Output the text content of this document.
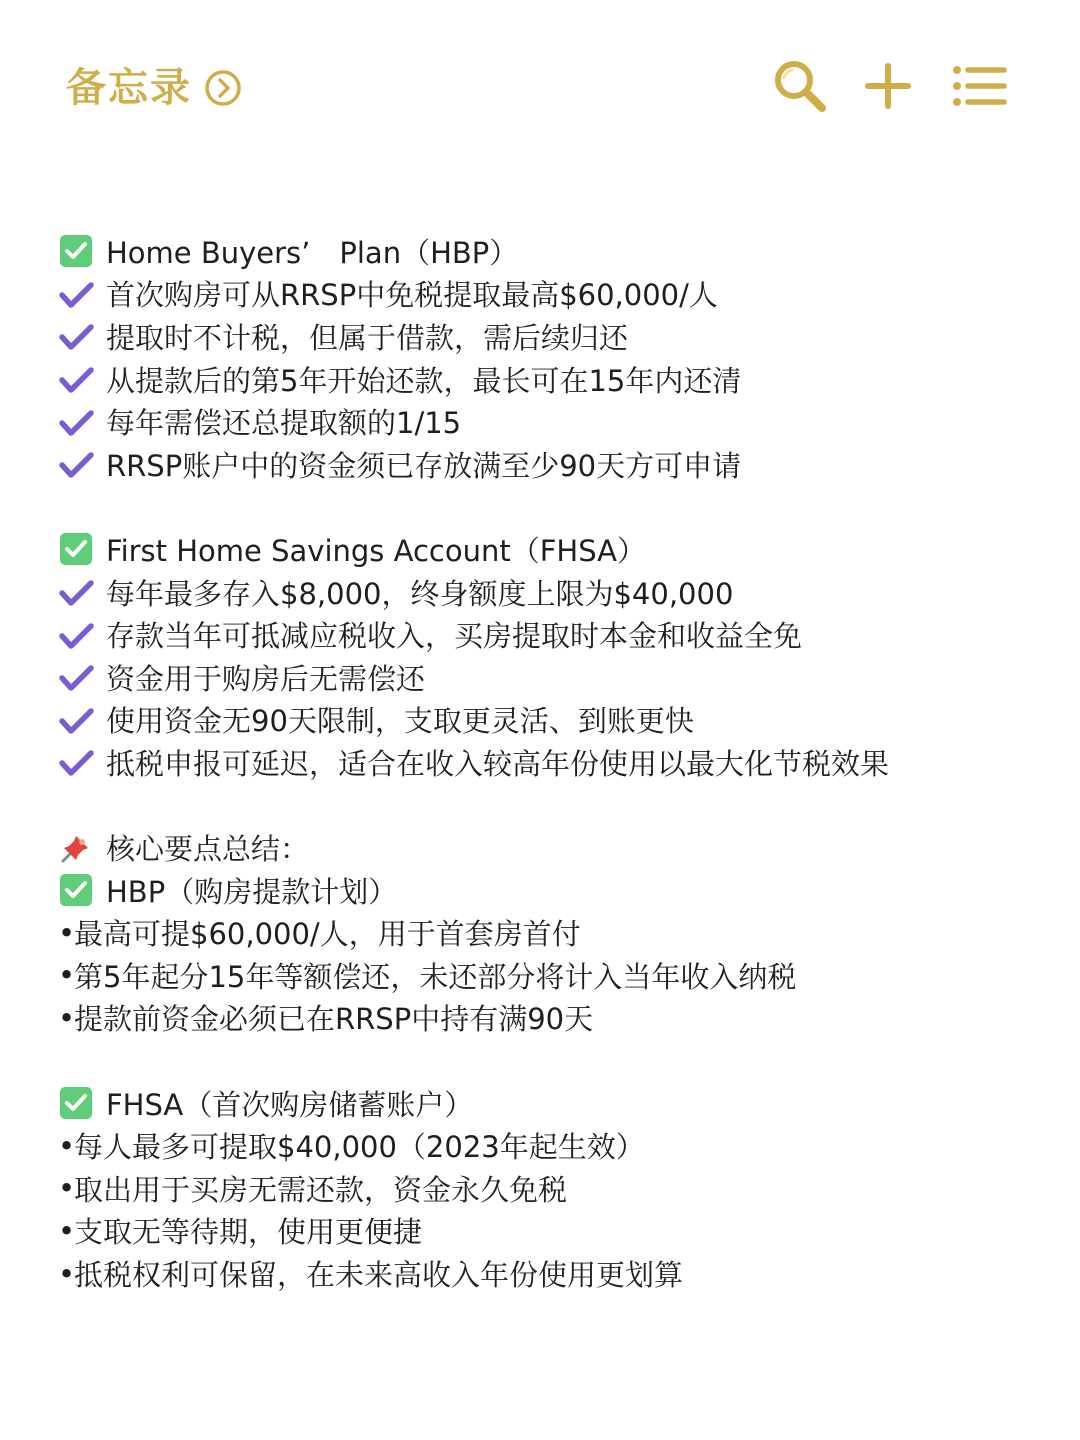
备忘录
Home Buyers’　Plan（HBP）
首次购房可从RRSP中免税提取最高$60,000/人
提取时不计税，但属于借款，需后续归还
从提款后的第5年开始还款，最长可在15年内还清
每年需偿还总提取额的1/15
RRSP账户中的资金须已存放满至少90天方可申请
First Home Savings Account（FHSA）
每年最多存入$8,000，终身额度上限为$40,000
存款当年可抵减应税收入，买房提取时本金和收益全免
资金用于购房后无需偿还
使用资金无90天限制，支取更灵活、到账更快
抵税申报可延迟，适合在收入较高年份使用以最大化节税效果
核心要点总结：
HBP（购房提款计划）
•
最高可提$60,000/人，用于首套房首付
•
第5年起分15年等额偿还，未还部分将计入当年收入纳税
•
提款前资金必须已在RRSP中持有满90天
FHSA（首次购房储蓄账户）
•
每人最多可提取$40,000（2023年起生效）
•
取出用于买房无需还款，资金永久免税
•
支取无等待期，使用更便捷
•
抵税权利可保留，在未来高收入年份使用更划算
